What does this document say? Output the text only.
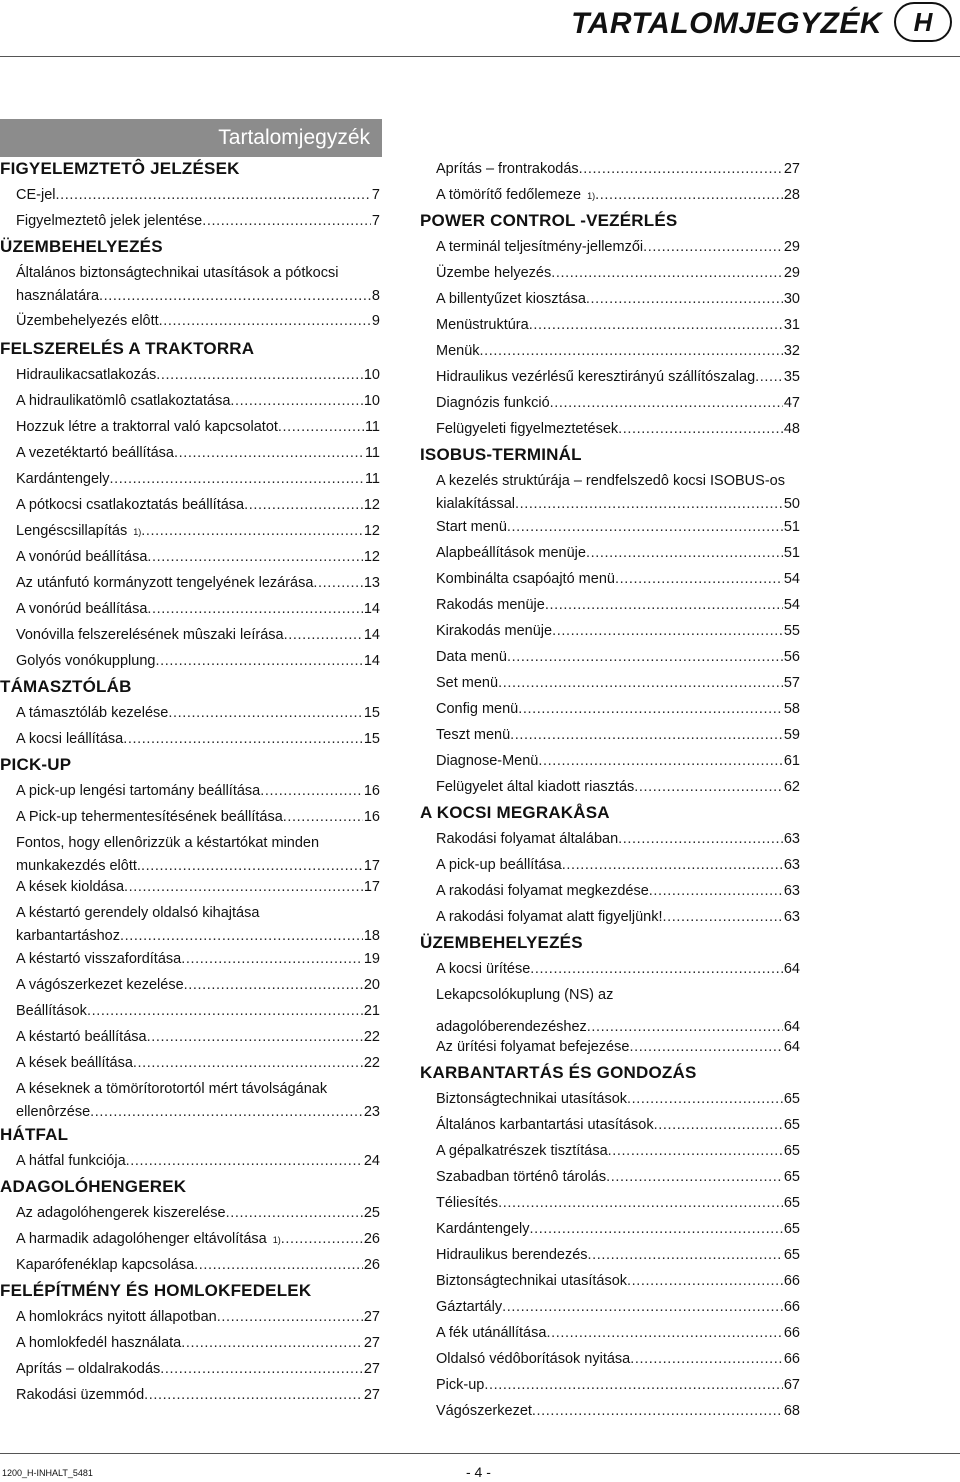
TARTALOMJEGYZÉK	H
Tartalomjegyzék
FIGYELEMZTETÔ JELZÉSEK
CE-jel .....	7
Figyelmeztetô jelek jelentése .....	7
ÜZEMBEHELYEZÉS
Általános biztonságtechnikai utasítások a pótkocsi
használatára .....	8
Üzembehelyezés elôtt .....	9
FELSZERELÉS A TRAKTORRA
Hidraulikacsatlakozás .....	10
A hidraulikatömlô csatlakoztatása .....	10
Hozzuk létre a traktorral való kapcsolatot .....	11
A vezetéktartó beállítása .....	11
Kardántengely .....	11
A pótkocsi csatlakoztatás beállítása .....	12
Lengéscsillapítás 1) .....	12
A vonórúd beállítása .....	12
Az utánfutó kormányzott tengelyének lezárása .....	13
A vonórúd beállítása .....	14
Vonóvilla felszerelésének mûszaki leírása .....	14
Golyós vonókupplung .....	14
TÁMASZTÓLÁB
A támasztóláb kezelése .....	15
A kocsi leállítása .....	15
PICK-UP
A pick-up lengési tartomány beállítása .....	16
A Pick-up tehermentesítésének beállítása .....	16
Fontos, hogy ellenôrizzük a késtartókat minden
munkakezdés elôtt. .....	17
A kések kioldása .....	17
A késtartó gerendely oldalsó kihajtása
karbantartáshoz .....	18
A késtartó visszafordítása .....	19
A vágószerkezet kezelése .....	20
Beállítások .....	21
A késtartó beállítása .....	22
A kések beállítása .....	22
A késeknek a tömörítorotortól mért távolságának
ellenôrzése .....	23
HÁTFAL
A hátfal funkciója .....	24
ADAGOLÓHENGEREK
Az adagolóhengerek kiszerelése .....	25
A harmadik adagolóhenger eltávolítása 1) .....	26
Kaparófenéklap kapcsolása .....	26
FELÉPÍTMÉNY ÉS HOMLOKFEDELEK
A homlokrács nyitott állapotban .....	27
A homlokfedél használata .....	27
Aprítás – oldalrakodás .....	27
Rakodási üzemmód .....	27
Aprítás – frontrakodás .....	27
A tömörítő fedőlemeze 1) .....	28
POWER CONTROL -VEZÉRLÉS
A terminál teljesítmény-jellemzői .....	29
Üzembe helyezés .....	29
A billentyűzet kiosztása .....	30
Menüstruktúra .....	31
Menük .....	32
Hidraulikus vezérlésű keresztirányú szállítószalag ..... 35
Diagnózis funkció .....	47
Felügyeleti figyelmeztetések .....	48
ISOBUS-TERMINÁL
A kezelés struktúrája – rendfelszedô kocsi ISOBUS-os
kialakítással .....	50
Start menü .....	51
Alapbeállítások menüje .....	51
Kombinálta csapóajtó menü .....	54
Rakodás menüje .....	54
Kirakodás menüje .....	55
Data menü .....	56
Set menü .....	57
Config menü .....	58
Teszt menü .....	59
Diagnose-Menü .....	61
Felügyelet által kiadott riasztás .....	62
A KOCSI MEGRAKÅSA
Rakodási folyamat általában .....	63
A pick-up beállítása .....	63
A rakodási folyamat megkezdése .....	63
A rakodási folyamat alatt figyeljünk! .....	63
ÜZEMBEHELYEZÉS
A kocsi ürítése .....	64
Lekapcsolókuplung (NS) az
adagolóberendezéshez .....	64
Az ürítési folyamat befejezése .....	64
KARBANTARTÁS ÉS GONDOZÁS
Biztonságtechnikai utasítások .....	65
Általános karbantartási utasítások .....	65
A gépalkatrészek tisztítása .....	65
Szabadban történô tárolás .....	65
Téliesítés .....	65
Kardántengely .....	65
Hidraulikus berendezés .....	65
Biztonságtechnikai utasítások .....	66
Gáztartály .....	66
A fék utánállítása .....	66
Oldalsó védôborítások nyitása .....	66
Pick-up .....	67
Vágószerkezet .....	68
1200_H-INHALT_5481	- 4 -
